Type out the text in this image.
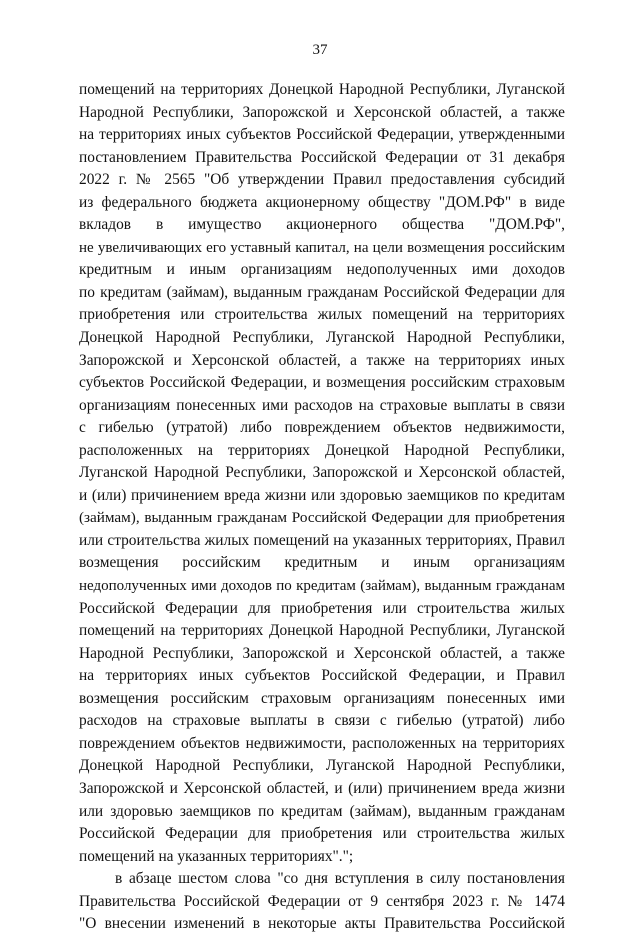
37
помещений на территориях Донецкой Народной Республики, Луганской
Народной Республики, Запорожской и Херсонской областей, а также
на территориях иных субъектов Российской Федерации, утвержденными
постановлением Правительства Российской Федерации от 31 декабря
2022 г. № 2565 "Об утверждении Правил предоставления субсидий
из федерального бюджета акционерному обществу "ДОМ.РФ" в виде
вкладов в имуществo акционерного общества "ДОМ.РФ",
не увеличивающих его уставный капитал, на цели возмещения российским
кредитным и иным организациям недополученных ими доходов
по кредитам (займам), выданным гражданам Российской Федерации для
приобретения или строительства жилых помещений на территориях
Донецкой Народной Республики, Луганской Народной Республики,
Запорожской и Херсонской областей, а также на территориях иных
субъектов Российской Федерации, и возмещения российским страховым
организациям понесенных ими расходов на страховые выплаты в связи
с гибелью (утратой) либо повреждением объектов недвижимости,
расположенных на территориях Донецкой Народной Республики,
Луганской Народной Республики, Запорожской и Херсонской областей,
и (или) причинением вреда жизни или здоровью заемщиков по кредитам
(займам), выданным гражданам Российской Федерации для приобретения
или строительства жилых помещений на указанных территориях, Правил
возмещения российским кредитным и иным организациям
недополученных ими доходов по кредитам (займам), выданным гражданам
Российской Федерации для приобретения или строительства жилых
помещений на территориях Донецкой Народной Республики, Луганской
Народной Республики, Запорожской и Херсонской областей, а также
на территориях иных субъектов Российской Федерации, и Правил
возмещения российским страховым организациям понесенных ими
расходов на страховые выплаты в связи с гибелью (утратой) либо
повреждением объектов недвижимости, расположенных на территориях
Донецкой Народной Республики, Луганской Народной Республики,
Запорожской и Херсонской областей, и (или) причинением вреда жизни
или здоровью заемщиков по кредитам (займам), выданным гражданам
Российской Федерации для приобретения или строительства жилых
помещений на указанных территориях".";
в абзаце шестом слова "со дня вступления в силу постановления
Правительства Российской Федерации от 9 сентября 2023 г. № 1474
"О внесении изменений в некоторые акты Правительства Российской
